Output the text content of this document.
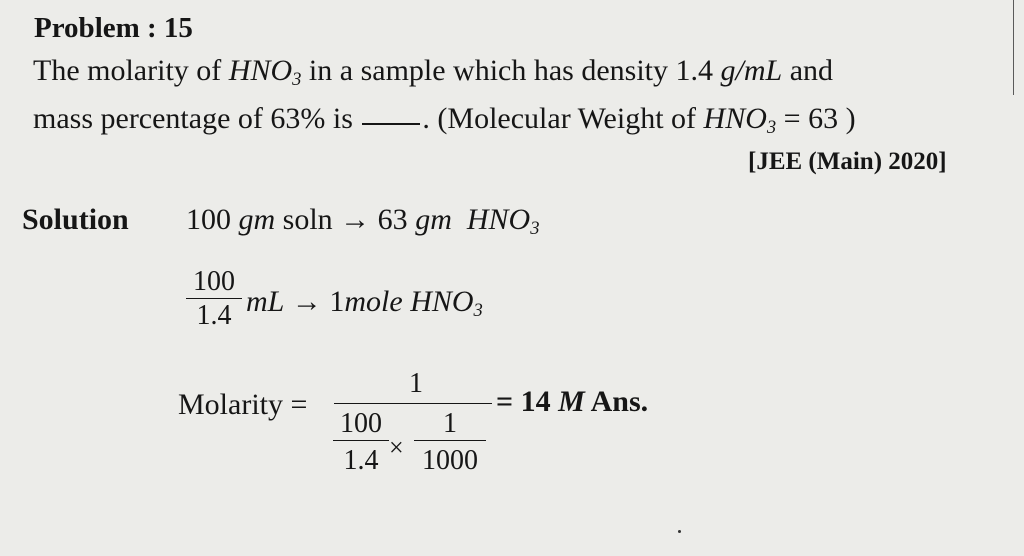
Problem : 15
The molarity of $HNO_3$ in a sample which has density 1.4 g/mL and
mass percentage of 63% is . (Molecular Weight of $HNO_3 = 63$ )
[JEE (Main) 2020]
Solution 100 gm soln → 63 gm $HNO_3$
100
1.4 mL → 1mole $HNO_3$
Molarity =
1
100
1.4 ×
1
1000
= 14 M Ans.
